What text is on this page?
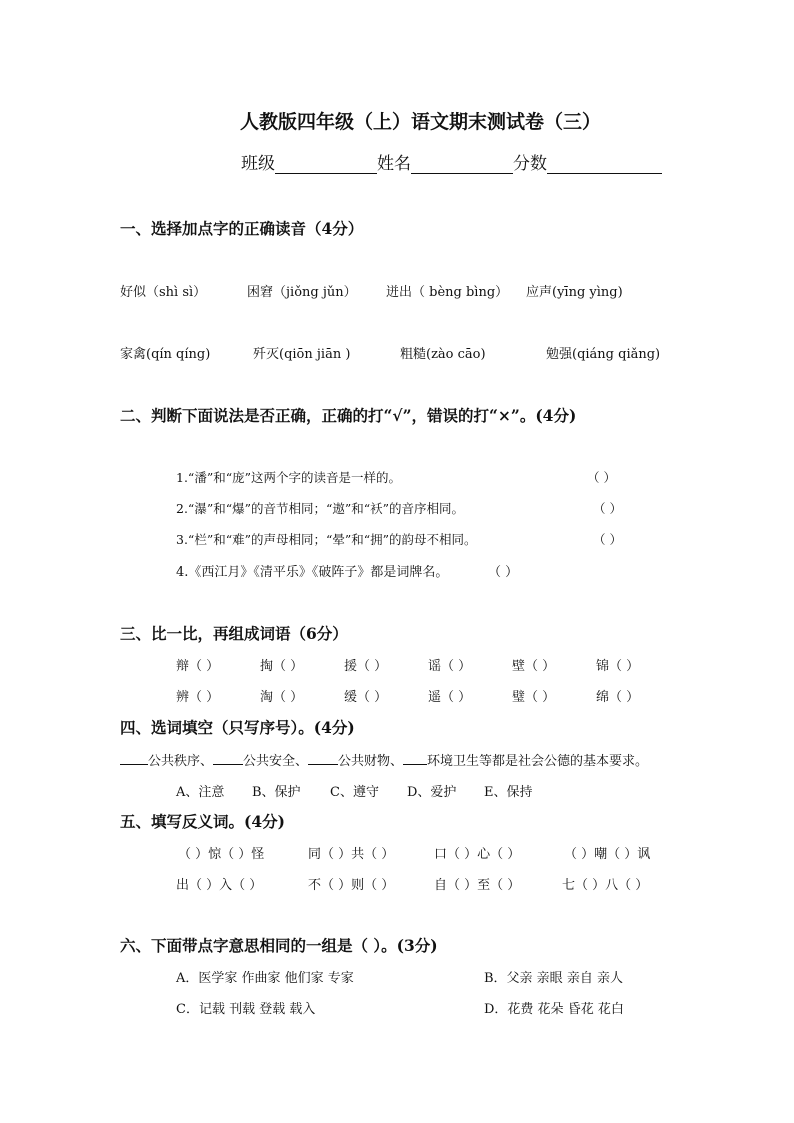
人教版四年级（上）语文期末测试卷（三）
班级	姓名	分数
一、选择加点字的正确读音（4分）
好似（shì sì）	困窘（jiǒng jǔn） 迸出（ bèng bìng） 应声(yīng yìng)
家禽(qín qíng)	歼灭(qiōn jiān )	粗糙(zào cāo)	勉强(qiáng qiǎng)
二、判断下面说法是否正确，正确的打“√”，错误的打“×”。(4分)
1.“潘”和“庞”这两个字的读音是一样的。	（ ）
2.“瀑”和“爆”的音节相同；“遨”和“袄”的音序相同。	（ ）
3.“栏”和“难”的声母相同；“晕”和“拥”的韵母不相同。	（ ）
4.《西江月》《清平乐》《破阵子》都是词牌名。	（ ）
三、比一比，再组成词语（6分）
辩（ ）	掏（ ）	援（ ）	谣（ ）	壁（ ）	锦（ ）
辨（ ）	淘（ ）	缓（ ）	遥（ ）	璧（ ）	绵（ ）
四、选词填空（只写序号）。(4分)
公共秩序、 公共安全、 公共财物、 环境卫生等都是社会公德的基本要求。
A、注意 B、保护 C、遵守 D、爱护 E、保持
五、填写反义词。(4分)
（ ）惊（ ）怪	同（ ）共（ ）	口（ ）心（ ）	（ ）嘲（ ）讽
出（ ）入（ ）	不（ ）则（ ）	自（ ）至（ ）	七（ ）八（ ）
六、下面带点字意思相同的一组是（ ）。(3分)
A．医学家 作曲家 他们家 专家	B．父亲 亲眼 亲自 亲人
C．记载 刊载 登载 载入	D．花费 花朵 昏花 花白
